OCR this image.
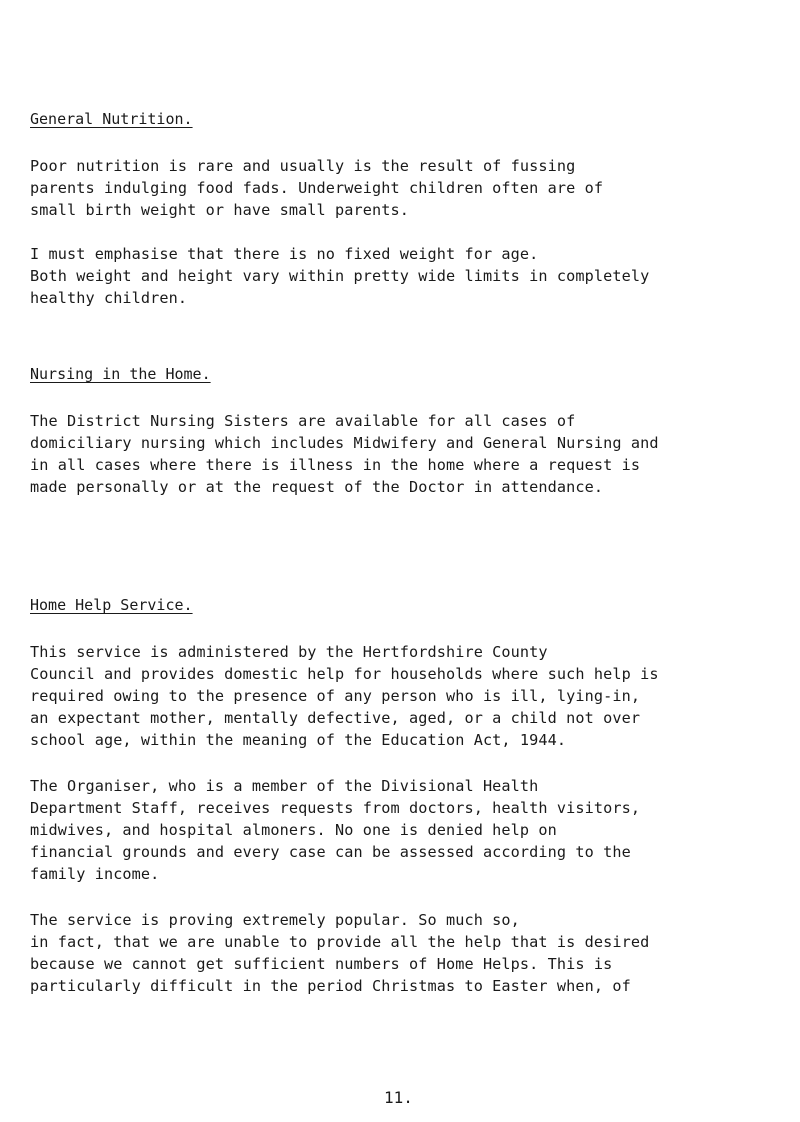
General Nutrition.
Poor nutrition is rare and usually is the result of fussing
parents indulging food fads. Underweight children often are of
small birth weight or have small parents.
I must emphasise that there is no fixed weight for age.
Both weight and height vary within pretty wide limits in completely
healthy children.
Nursing in the Home.
The District Nursing Sisters are available for all cases of
domiciliary nursing which includes Midwifery and General Nursing and
in all cases where there is illness in the home where a request is
made personally or at the request of the Doctor in attendance.
Home Help Service.
This service is administered by the Hertfordshire County
Council and provides domestic help for households where such help is
required owing to the presence of any person who is ill, lying-in,
an expectant mother, mentally defective, aged, or a child not over
school age, within the meaning of the Education Act, 1944.
The Organiser, who is a member of the Divisional Health
Department Staff, receives requests from doctors, health visitors,
midwives, and hospital almoners. No one is denied help on
financial grounds and every case can be assessed according to the
family income.
The service is proving extremely popular. So much so,
in fact, that we are unable to provide all the help that is desired
because we cannot get sufficient numbers of Home Helps. This is
particularly difficult in the period Christmas to Easter when, of
11.
